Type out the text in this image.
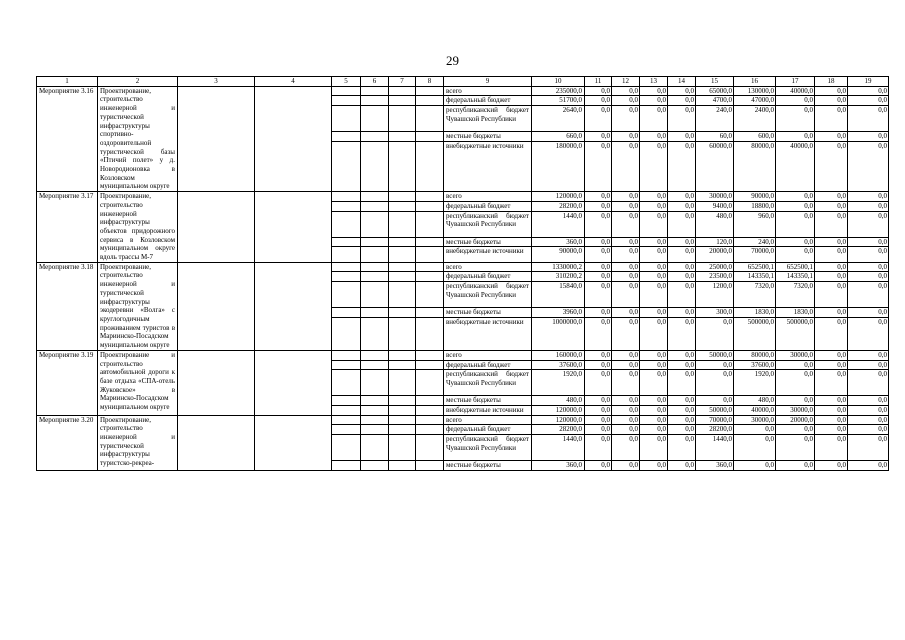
29
1	2	3	4	5	6	7	8	9	10	11	12	13	14	15	16	17	18	19
Мероприятие 3.16	Проектирование, строительство инженерной и туристической инфраструктуры спортивно-оздоровительной туристической базы «Птичий полет» у д. Новородионовка в Козловском муниципальном округе							всего	235000,0	0,0	0,0	0,0	0,0	65000,0	130000,0	40000,0	0,0	0,0
								федеральный бюджет	51700,0	0,0	0,0	0,0	0,0	4700,0	47000,0	0,0	0,0	0,0
								республиканский бюджет Чувашской Республики	2640,0	0,0	0,0	0,0	0,0	240,0	2400,0	0,0	0,0	0,0
								местные бюджеты	660,0	0,0	0,0	0,0	0,0	60,0	600,0	0,0	0,0	0,0
								внебюджетные источники	180000,0	0,0	0,0	0,0	0,0	60000,0	80000,0	40000,0	0,0	0,0
Мероприятие 3.17	Проектирование, строительство инженерной инфраструктуры объектов придорожного сервиса в Козловском муниципальном округе вдоль трассы М-7							всего	120000,0	0,0	0,0	0,0	0,0	30000,0	90000,0	0,0	0,0	0,0
								федеральный бюджет	28200,0	0,0	0,0	0,0	0,0	9400,0	18800,0	0,0	0,0	0,0
								республиканский бюджет Чувашской Республики	1440,0	0,0	0,0	0,0	0,0	480,0	960,0	0,0	0,0	0,0
								местные бюджеты	360,0	0,0	0,0	0,0	0,0	120,0	240,0	0,0	0,0	0,0
								внебюджетные источники	90000,0	0,0	0,0	0,0	0,0	20000,0	70000,0	0,0	0,0	0,0
Мероприятие 3.18	Проектирование, строительство инженерной и туристической инфраструктуры экодеревни «Волга» с круглогодичным проживанием туристов в Мариинско-Посадском муниципальном округе							всего	1330000,2	0,0	0,0	0,0	0,0	25000,0	652500,1	652500,1	0,0	0,0
								федеральный бюджет	310200,2	0,0	0,0	0,0	0,0	23500,0	143350,1	143350,1	0,0	0,0
								республиканский бюджет Чувашской Республики	15840,0	0,0	0,0	0,0	0,0	1200,0	7320,0	7320,0	0,0	0,0
								местные бюджеты	3960,0	0,0	0,0	0,0	0,0	300,0	1830,0	1830,0	0,0	0,0
								внебюджетные источники	1000000,0	0,0	0,0	0,0	0,0	0,0	500000,0	500000,0	0,0	0,0
Мероприятие 3.19	Проектирование и строительство автомобильной дороги к базе отдыха «СПА-отель Жуковское» в Мариинско-Посадском муниципальном округе							всего	160000,0	0,0	0,0	0,0	0,0	50000,0	80000,0	30000,0	0,0	0,0
								федеральный бюджет	37600,0	0,0	0,0	0,0	0,0	0,0	37600,0	0,0	0,0	0,0
								республиканский бюджет Чувашской Республики	1920,0	0,0	0,0	0,0	0,0	0,0	1920,0	0,0	0,0	0,0
								местные бюджеты	480,0	0,0	0,0	0,0	0,0	0,0	480,0	0,0	0,0	0,0
								внебюджетные источники	120000,0	0,0	0,0	0,0	0,0	50000,0	40000,0	30000,0	0,0	0,0
Мероприятие 3.20	Проектирование, строительство инженерной и туристической инфраструктуры туристско-рекреа-							всего	120000,0	0,0	0,0	0,0	0,0	70000,0	30000,0	20000,0	0,0	0,0
								федеральный бюджет	28200,0	0,0	0,0	0,0	0,0	28200,0	0,0	0,0	0,0	0,0
								республиканский бюджет Чувашской Республики	1440,0	0,0	0,0	0,0	0,0	1440,0	0,0	0,0	0,0	0,0
								местные бюджеты	360,0	0,0	0,0	0,0	0,0	360,0	0,0	0,0	0,0	0,0
